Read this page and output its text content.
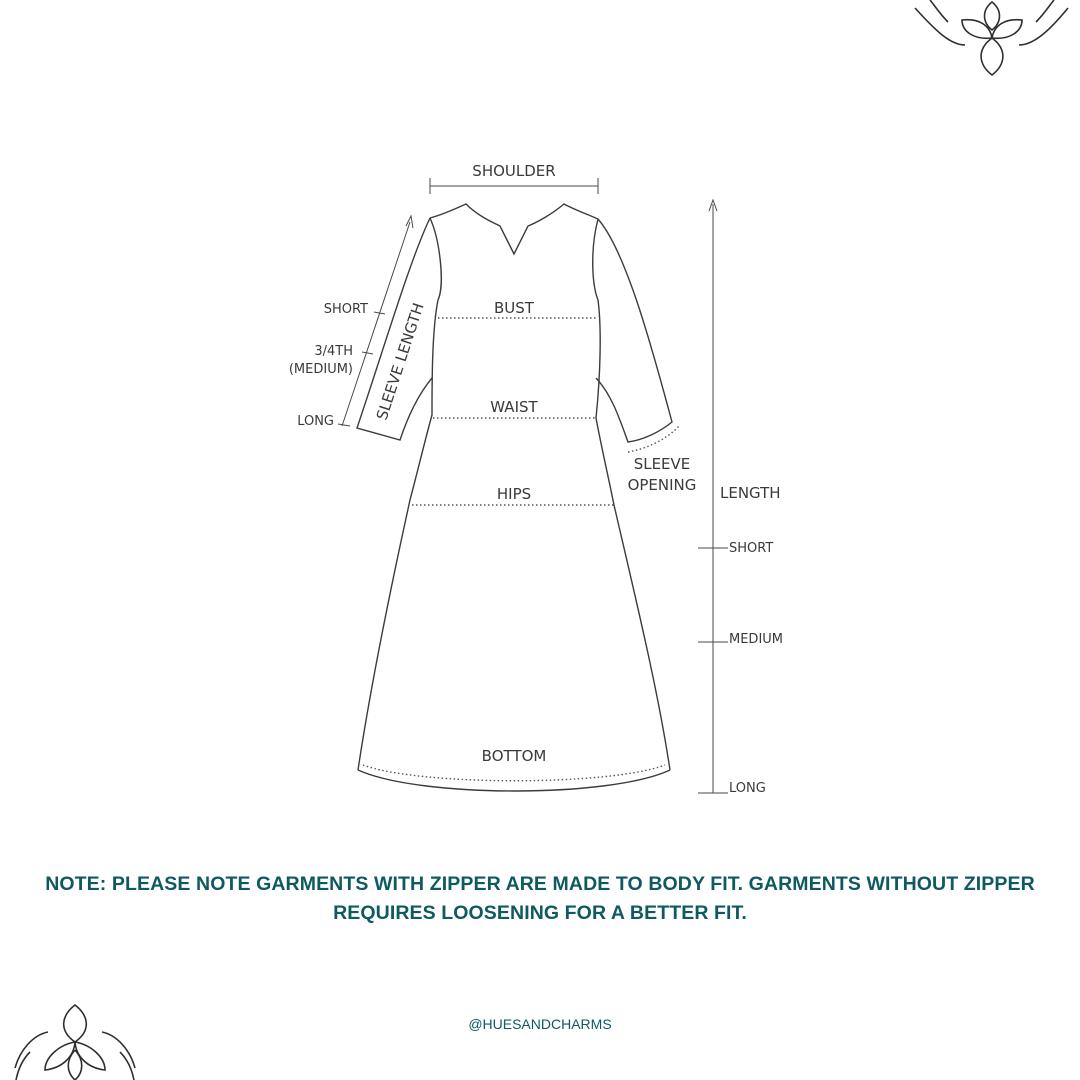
SHOULDER
BUST
WAIST
HIPS
BOTTOM
SLEEVE LENGTH
SLEEVE
OPENING LENGTH
SHORT
3/4TH
(MEDIUM)
LONG
SHORT
MEDIUM
LONG

NOTE: PLEASE NOTE GARMENTS WITH ZIPPER ARE MADE TO BODY FIT. GARMENTS WITHOUT ZIPPER REQUIRES LOOSENING FOR A BETTER FIT.

@HUESANDCHARMS
